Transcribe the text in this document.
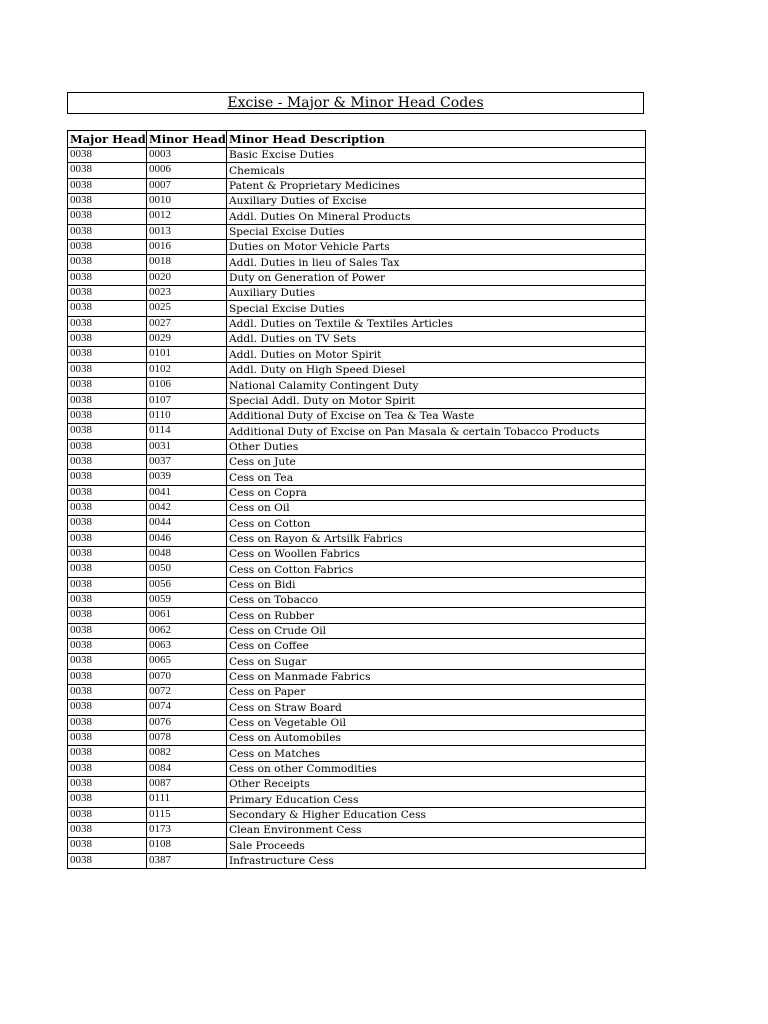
Excise - Major & Minor Head Codes
Major Head	Minor Head	Minor Head Description
0038	0003	Basic Excise Duties
0038	0006	Chemicals
0038	0007	Patent & Proprietary Medicines
0038	0010	Auxiliary Duties of Excise
0038	0012	Addl. Duties On Mineral Products
0038	0013	Special Excise Duties
0038	0016	Duties on Motor Vehicle Parts
0038	0018	Addl. Duties in lieu of Sales Tax
0038	0020	Duty on Generation of Power
0038	0023	Auxiliary Duties
0038	0025	Special Excise Duties
0038	0027	Addl. Duties on Textile & Textiles Articles
0038	0029	Addl. Duties on TV Sets
0038	0101	Addl. Duties on Motor Spirit
0038	0102	Addl. Duty on High Speed Diesel
0038	0106	National Calamity Contingent Duty
0038	0107	Special Addl. Duty on Motor Spirit
0038	0110	Additional Duty of Excise on Tea & Tea Waste
0038	0114	Additional Duty of Excise on Pan Masala & certain Tobacco Products
0038	0031	Other Duties
0038	0037	Cess on Jute
0038	0039	Cess on Tea
0038	0041	Cess on Copra
0038	0042	Cess on Oil
0038	0044	Cess on Cotton
0038	0046	Cess on Rayon & Artsilk Fabrics
0038	0048	Cess on Woollen Fabrics
0038	0050	Cess on Cotton Fabrics
0038	0056	Cess on Bidi
0038	0059	Cess on Tobacco
0038	0061	Cess on Rubber
0038	0062	Cess on Crude Oil
0038	0063	Cess on Coffee
0038	0065	Cess on Sugar
0038	0070	Cess on Manmade Fabrics
0038	0072	Cess on Paper
0038	0074	Cess on Straw Board
0038	0076	Cess on Vegetable Oil
0038	0078	Cess on Automobiles
0038	0082	Cess on Matches
0038	0084	Cess on other Commodities
0038	0087	Other Receipts
0038	0111	Primary Education Cess
0038	0115	Secondary & Higher Education Cess
0038	0173	Clean Environment Cess
0038	0108	Sale Proceeds
0038	0387	Infrastructure Cess
